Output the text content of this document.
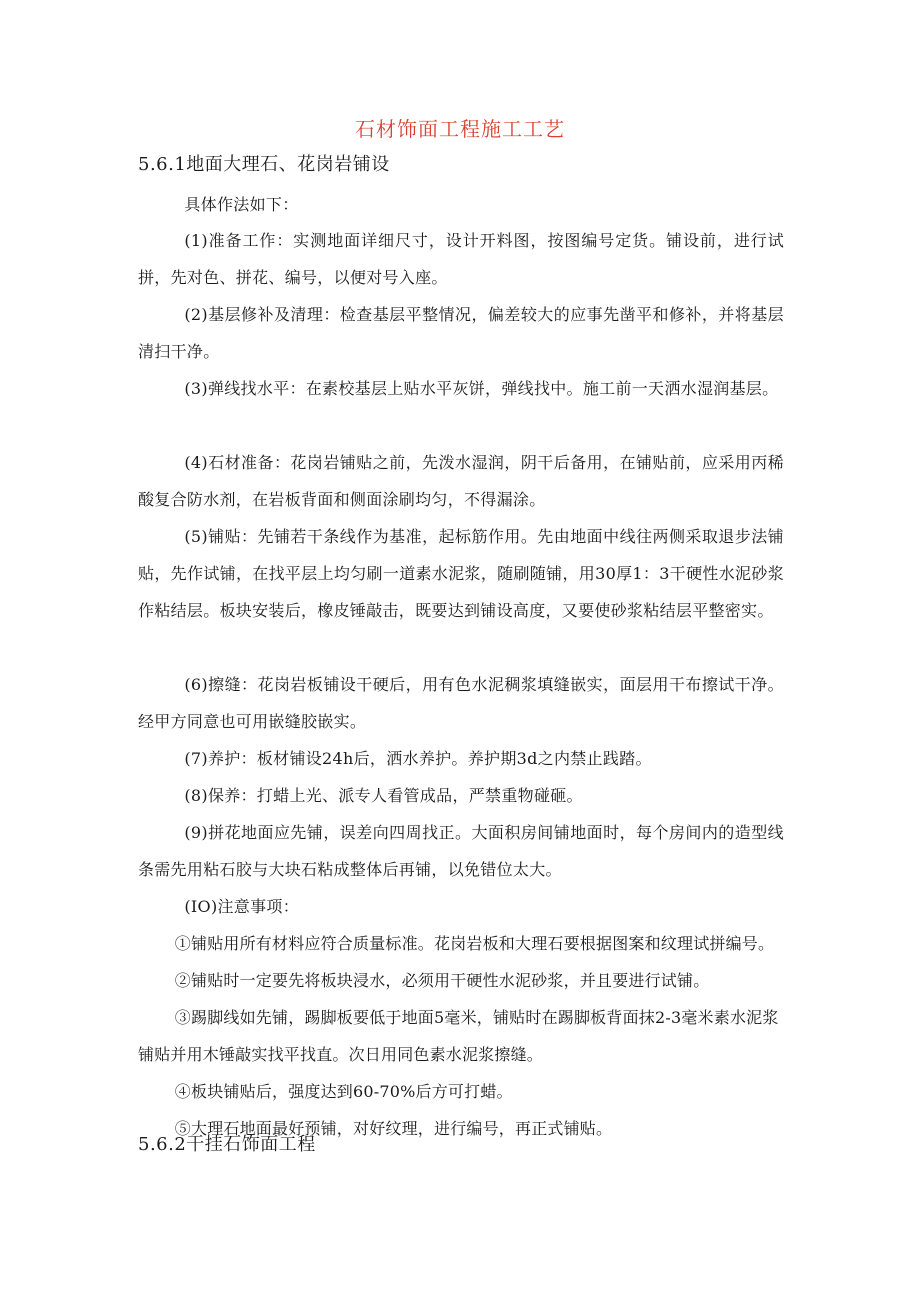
石材饰面工程施工工艺
5.6.1地面大理石、花岗岩铺设
具体作法如下：
(1)准备工作：实测地面详细尺寸，设计开料图，按图编号定货。铺设前，进行试拼，先对色、拼花、编号，以便对号入座。
(2)基层修补及清理：检查基层平整情况，偏差较大的应事先凿平和修补，并将基层清扫干净。
(3)弹线找水平：在素校基层上贴水平灰饼，弹线找中。施工前一天洒水湿润基层。
(4)石材准备：花岗岩铺贴之前，先泼水湿润，阴干后备用，在铺贴前，应采用丙稀酸复合防水剂，在岩板背面和侧面涂刷均匀，不得漏涂。
(5)铺贴：先铺若干条线作为基准，起标筋作用。先由地面中线往两侧采取退步法铺贴，先作试铺，在找平层上均匀刷一道素水泥浆，随刷随铺，用30厚1：3干硬性水泥砂浆作粘结层。板块安装后，橡皮锤敲击，既要达到铺设高度，又要使砂浆粘结层平整密实。
(6)擦缝：花岗岩板铺设干硬后，用有色水泥稠浆填缝嵌实，面层用干布擦试干净。经甲方同意也可用嵌缝胶嵌实。
(7)养护：板材铺设24h后，洒水养护。养护期3d之内禁止践踏。
(8)保养：打蜡上光、派专人看管成品，严禁重物碰砸。
(9)拼花地面应先铺，误差向四周找正。大面积房间铺地面时，每个房间内的造型线条需先用粘石胶与大块石粘成整体后再铺，以免错位太大。
(IO)注意事项：
①铺贴用所有材料应符合质量标准。花岗岩板和大理石要根据图案和纹理试拼编号。
②铺贴时一定要先将板块浸水，必须用干硬性水泥砂浆，并且要进行试铺。
③踢脚线如先铺，踢脚板要低于地面5毫米，铺贴时在踢脚板背面抹2-3毫米素水泥浆铺贴并用木锤敲实找平找直。次日用同色素水泥浆擦缝。
④板块铺贴后，强度达到60-70%后方可打蜡。
⑤大理石地面最好预铺，对好纹理，进行编号，再正式铺贴。
5.6.2干挂石饰面工程
